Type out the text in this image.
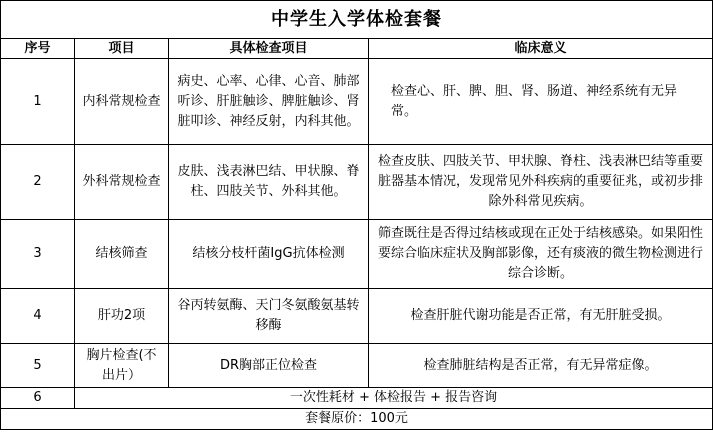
中学生入学体检套餐			
序号	项目	具体检查项目	临床意义
1	内科常规检查	病史、心率、心律、心音、肺部听诊、肝脏触诊、脾脏触诊、肾脏叩诊、神经反射，内科其他。	检查心、肝、脾、胆、肾、肠道、神经系统有无异常。
2	外科常规检查	皮肤、浅表淋巴结、甲状腺、脊柱、四肢关节、外科其他。	检查皮肤、四肢关节、甲状腺、脊柱、浅表淋巴结等重要脏器基本情况，发现常见外科疾病的重要征兆，或初步排除外科常见疾病。
3	结核筛查	结核分枝杆菌IgG抗体检测	筛查既往是否得过结核或现在正处于结核感染。如果阳性要综合临床症状及胸部影像，还有痰液的微生物检测进行综合诊断。
4	肝功2项	谷丙转氨酶、天门冬氨酸氨基转移酶	检查肝脏代谢功能是否正常，有无肝脏受损。
5	胸片检查(不出片）	DR胸部正位检查	检查肺脏结构是否正常，有无异常症像。
6	一次性耗材 + 体检报告 + 报告咨询		
套餐原价：100元			
